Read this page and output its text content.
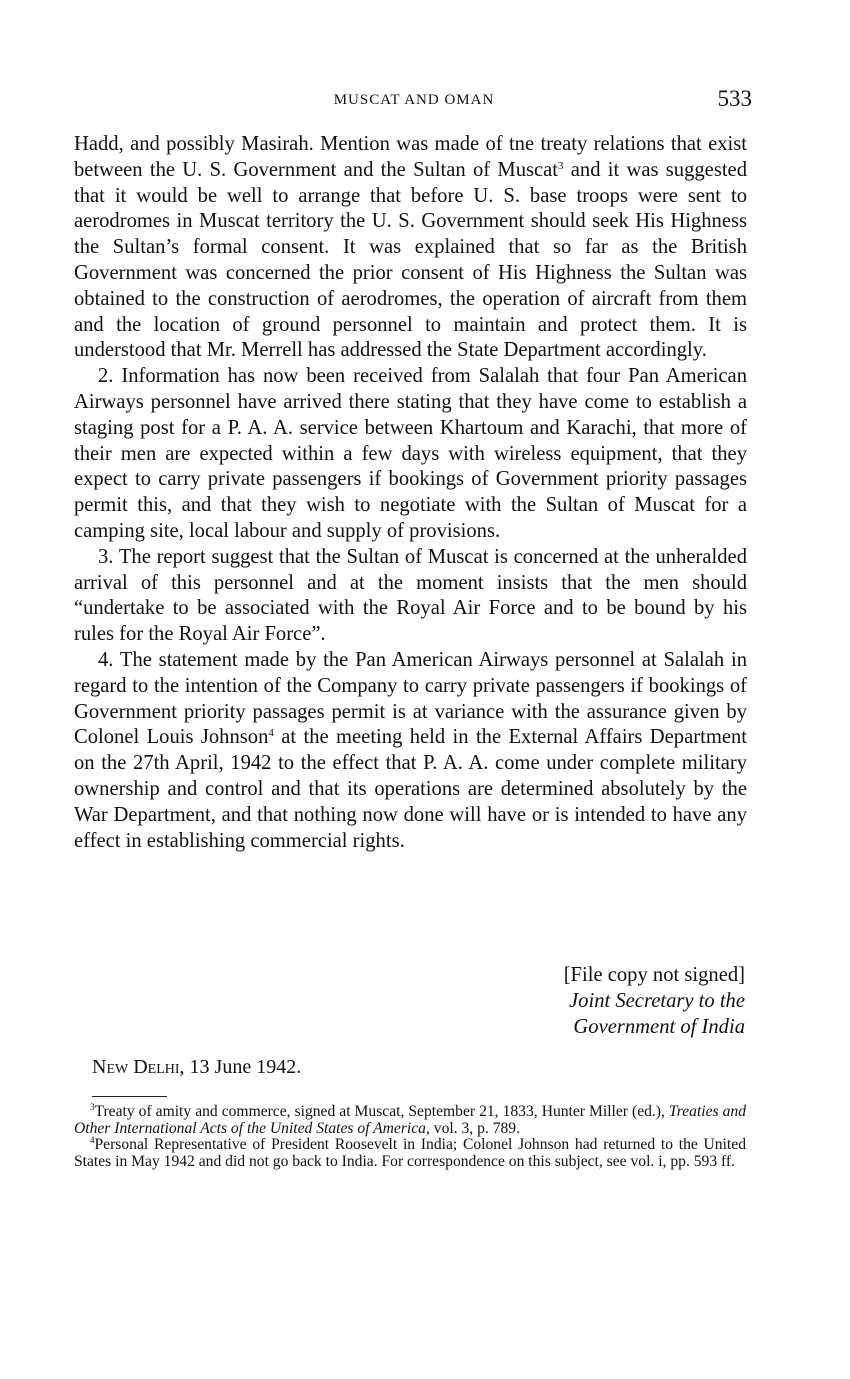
MUSCAT AND OMAN	533

Hadd, and possibly Masirah. Mention was made of tne treaty relations that exist between the U. S. Government and the Sultan of Muscat$^3$ and it was suggested that it would be well to arrange that before U. S. base troops were sent to aerodromes in Muscat territory the U. S. Government should seek His Highness the Sultan’s formal consent. It was explained that so far as the British Government was concerned the prior consent of His Highness the Sultan was obtained to the construction of aerodromes, the operation of aircraft from them and the location of ground personnel to maintain and protect them. It is understood that Mr. Merrell has addressed the State Department accordingly.

2. Information has now been received from Salalah that four Pan American Airways personnel have arrived there stating that they have come to establish a staging post for a P. A. A. service between Khartoum and Karachi, that more of their men are expected within a few days with wireless equipment, that they expect to carry private passengers if bookings of Government priority passages permit this, and that they wish to negotiate with the Sultan of Muscat for a camping site, local labour and supply of provisions.

3. The report suggest that the Sultan of Muscat is concerned at the unheralded arrival of this personnel and at the moment insists that the men should “undertake to be associated with the Royal Air Force and to be bound by his rules for the Royal Air Force”.

4. The statement made by the Pan American Airways personnel at Salalah in regard to the intention of the Company to carry private passengers if bookings of Government priority passages permit is at variance with the assurance given by Colonel Louis Johnson$^4$ at the meeting held in the External Affairs Department on the 27th April, 1942 to the effect that P. A. A. come under complete military ownership and control and that its operations are determined absolutely by the War Department, and that nothing now done will have or is intended to have any effect in establishing commercial rights.

[File copy not signed]
Joint Secretary to the
Government of India
New Delhi, 13 June 1942.

$^3$Treaty of amity and commerce, signed at Muscat, September 21, 1833, Hunter Miller (ed.), Treaties and Other International Acts of the United States of America, vol. 3, p. 789.

$^4$Personal Representative of President Roosevelt in India; Colonel Johnson had returned to the United States in May 1942 and did not go back to India. For correspondence on this subject, see vol. i, pp. 593 ff.
